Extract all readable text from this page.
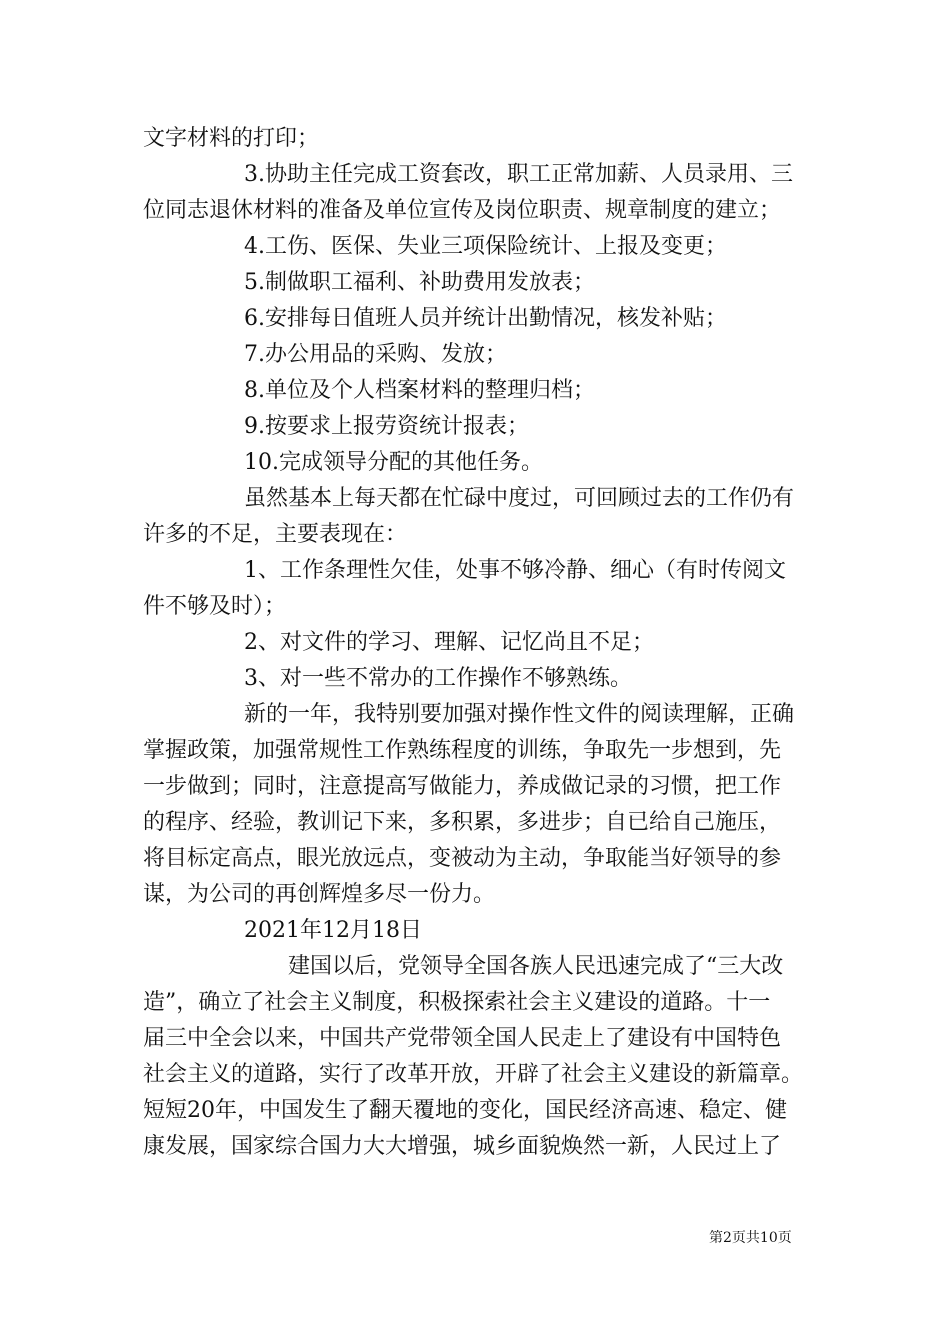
文字材料的打印；
3.协助主任完成工资套改，职工正常加薪、人员录用、三
位同志退休材料的准备及单位宣传及岗位职责、规章制度的建立；
4.工伤、医保、失业三项保险统计、上报及变更；
5.制做职工福利、补助费用发放表；
6.安排每日值班人员并统计出勤情况，核发补贴；
7.办公用品的采购、发放；
8.单位及个人档案材料的整理归档；
9.按要求上报劳资统计报表；
10.完成领导分配的其他任务。
虽然基本上每天都在忙碌中度过，可回顾过去的工作仍有
许多的不足，主要表现在：
1、工作条理性欠佳，处事不够冷静、细心（有时传阅文
件不够及时）；
2、对文件的学习、理解、记忆尚且不足；
3、对一些不常办的工作操作不够熟练。
新的一年，我特别要加强对操作性文件的阅读理解，正确
掌握政策，加强常规性工作熟练程度的训练，争取先一步想到，先
一步做到；同时，注意提高写做能力，养成做记录的习惯，把工作
的程序、经验，教训记下来，多积累，多进步；自已给自己施压，
将目标定高点，眼光放远点，变被动为主动，争取能当好领导的参
谋，为公司的再创辉煌多尽一份力。
2021年12月18日
建国以后，党领导全国各族人民迅速完成了“三大改
造”，确立了社会主义制度，积极探索社会主义建设的道路。十一
届三中全会以来，中国共产党带领全国人民走上了建设有中国特色
社会主义的道路，实行了改革开放，开辟了社会主义建设的新篇章。
短短20年，中国发生了翻天覆地的变化，国民经济高速、稳定、健
康发展，国家综合国力大大增强，城乡面貌焕然一新，人民过上了
第2页共10页
